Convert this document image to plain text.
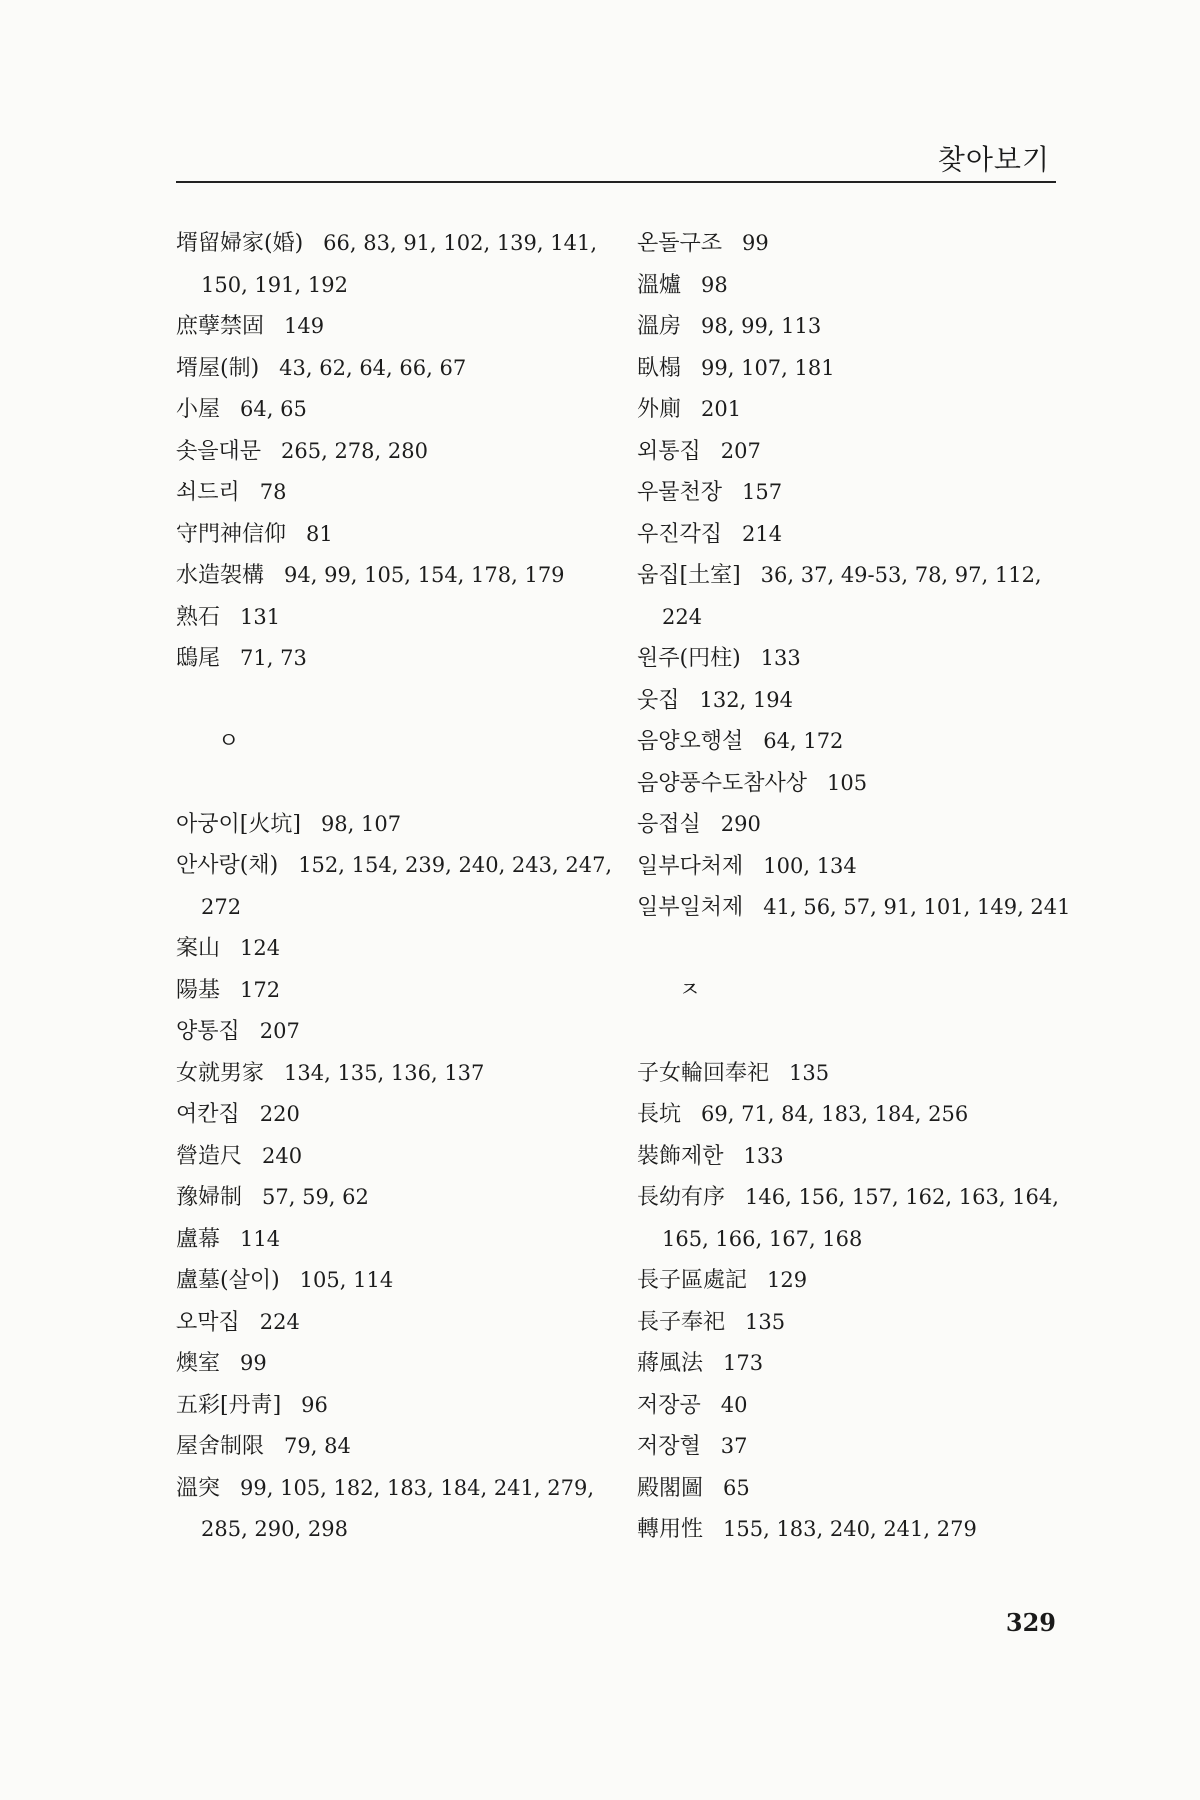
찾아보기
壻留婦家(婚) 66, 83, 91, 102, 139, 141, 150, 191, 192
庶孽禁固 149
壻屋(制) 43, 62, 64, 66, 67
小屋 64, 65
솟을대문 265, 278, 280
쇠드리 78
守門神信仰 81
水造袈構 94, 99, 105, 154, 178, 179
熟石 131
鴟尾 71, 73
ㅇ
아궁이[火坑] 98, 107
안사랑(채) 152, 154, 239, 240, 243, 247, 272
案山 124
陽基 172
양통집 207
女就男家 134, 135, 136, 137
여칸집 220
營造尺 240
豫婦制 57, 59, 62
盧幕 114
盧墓(살이) 105, 114
오막집 224
燠室 99
五彩[丹靑] 96
屋舍制限 79, 84
溫突 99, 105, 182, 183, 184, 241, 279, 285, 290, 298
온돌구조 99
溫爐 98
溫房 98, 99, 113
臥榻 99, 107, 181
外廁 201
외통집 207
우물천장 157
우진각집 214
움집[土室] 36, 37, 49-53, 78, 97, 112, 224
원주(円柱) 133
웃집 132, 194
음양오행설 64, 172
음양풍수도참사상 105
응접실 290
일부다처제 100, 134
일부일처제 41, 56, 57, 91, 101, 149, 241
ㅈ
子女輪回奉祀 135
長坑 69, 71, 84, 183, 184, 256
裝飾제한 133
長幼有序 146, 156, 157, 162, 163, 164, 165, 166, 167, 168
長子區處記 129
長子奉祀 135
蔣風法 173
저장공 40
저장혈 37
殿閣圖 65
轉用性 155, 183, 240, 241, 279
329
